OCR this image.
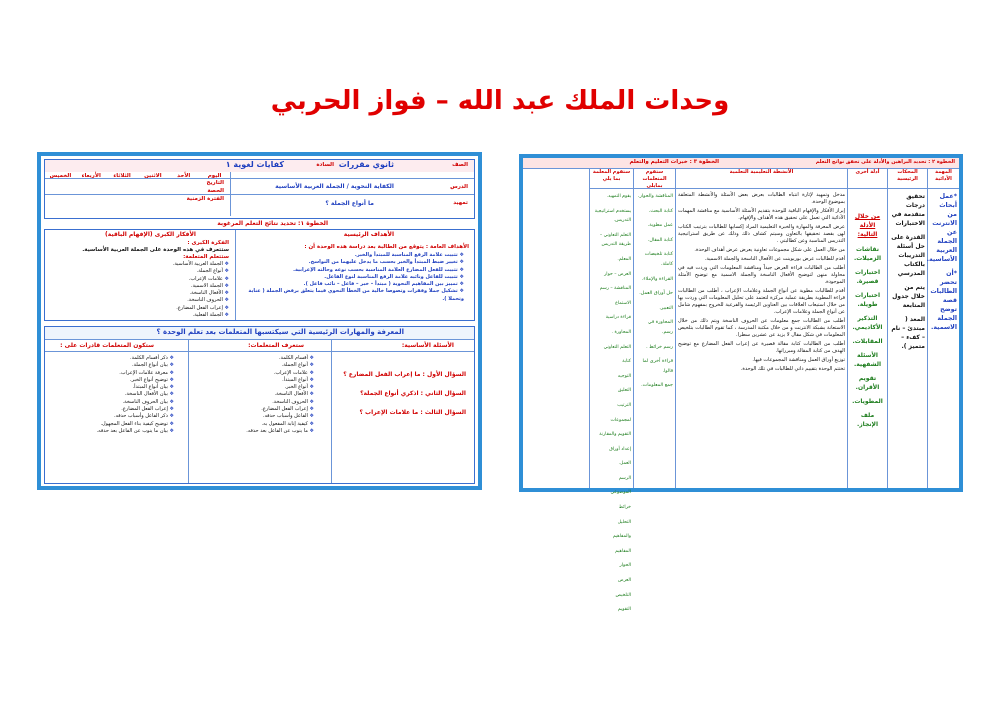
وحدات الملك عبد الله – فواز الحربي
الصف
ثانوي مقررات
السادة
كفايات لغوية ١
اليوم
الأحد
الاثنين
الثلاثاء
الأربعاء
الخميس
الدرس
الكفاية النحوية / الجملة العربية الأساسية
تمهيد
ما أنواع الجملة ؟
التاريخ
الحصة
الفترة الزمنية
الخطوة ١: تحديد نتائج التعلم المرغوبة
الأهداف الرئيسية
الأفكار الكبرى (الإفهام الباقية)
الأهداف العامة : يتوقع من الطالبة بعد دراسة هذه الوحدة أن :
❖ تثبيت علامة الرفع المناسبة للمبتدأ والخبر.
❖ تغيير ضبط المبتدأ والخبر بحسب ما يدخل عليهما من النواسخ.
❖ تثبيت للفعل المضارع العلامة المناسبة بحسب نوعه وحالته الإعرابية.
❖ تثبيت للفاعل ونائبه علامة الرفع المناسبة لنوع الفاعل.
❖ تمييز بين المفاهيم النحوية ( مبتدأ – خبر – فاعل – نائب فاعل ).
❖ تشكيل جملا وفقرات وتصوصا خالية من الخطأ النحوي فيما يتعلق برفض الجملة ( عناية وتحملا ).
الفكرة الكبرى :
ستتعرف في هذه الوحدة على الجملة العربية الأساسية.
ستتعلم المتعلمة:
❖ الجملة العربية الأساسية.
❖ أنواع الجملة.
❖ علامات الإعراب.
❖ الجملة الاسمية.
❖ الأفعال الناسخة.
❖ الحروف الناسخة.
❖ إعراب الفعل المضارع.
❖ الجملة الفعلية.
المعرفة والمهارات الرئيسية التي سيكتسبها المتعلمات بعد تعلم الوحدة ؟
الأسئلة الأساسية:
ستعرف المتعلمات:
ستكون المتعلمات قادرات على :
السؤال الأول : ما إعراب الفعل المضارع ؟
السؤال الثاني : اذكري أنواع الجملة؟
السؤال الثالث : ما علامات الإعراب ؟
❖ أقسام الكلمة.
❖ أنواع الجملة.
❖ علامات الإعراب.
❖ أنواع المبتدأ.
❖ أنواع الخبر.
❖ الأفعال الناسخة.
❖ الحروف الناسخة.
❖ إعراب الفعل المضارع.
❖ الفاعل وأسباب حذفه.
❖ كيفية إنابة المفعول به.
❖ ما ينوب عن الفاعل بعد حذفه.
❖ ذكر أقسام الكلمة.
❖ بيان أنواع الجملة.
❖ معرفة علامات الإعراب.
❖ توضيح أنواع الخبر.
❖ بيان أنواع المبتدأ.
❖ بيان الأفعال الناسخة.
❖ بيان الحروف الناسخة.
❖ إعراب الفعل المضارع.
❖ ذكر الفاعل وأسباب حذفه.
❖ توضيح كيفية بناء الفعل المجهول.
❖ بيان ما ينوب عن الفاعل بعد حذفه.
الخطوة ٢ : تحديد البراهين والأدلة على تحقق نواتج التعلم
الخطوة ٣ : خبرات التعليم والتعلم
المهمة الأدائية
*عمل أبحاث من الانترنت عن الجملة العربية الأساسية.
*أن تحضر الطالبات قصة توضح الجملة الاسمية.
المحكات الرئيسية
تحقيق درجات متقدمة في الاختبارات
القدرة على حل أسئلة التدريبات بالكتاب المدرسي
يتم من خلال جدول المتابعة
المعد ( مبتدئ – نام – كفء – متميز ).
أدلة أخرى
من خلال الأدلة التالية:
نقاشات الزميلات.
اختبارات قصيرة.
اختبارات طويلة.
التذكير الأكاديمي.
المقابلات.
الأسئلة الشفهية.
تقويم الأقران.
المطويات.
ملف الإنجاز.
الأنشطة التعليمية التعلمية
مدخل وتمهيد لإثارة انتباه الطالبات بعرض بعض الأسئلة والأنشطة المتعلقة بموضوع الوحدة.
إبراز الأفكار والإفهام الباقية للوحدة بتقديم الأسئلة الأساسية مع مناقشة المهمات الأدائية التي تعمل على تحقيق هذه الأهداف والإفهام.
عرض المعرفة والمهارة والخبرة التعليمية المراد إكسابها للطالبات بترتيب الكتاب لهن بقصد تحقيقها بالتعاون وسيتم كشاف ذلك وذلك عن طريق استراتيجية التدريس المناسبة وعن كطالبتي .
من خلال العمل على شكل مجموعات تعاونية يعرض عرض أهداف الوحدة.
أقدم للطالبات عرض بوربوينت عن الأفعال الناسخة والجملة الاسمية.
أطلب من الطالبات قراءة العرض جيداً ومناقشة المعلومات التي وردت فيه في محاولة منهن لتوضيح الأفعال الناسخة والجملة الاسمية مع توضيح الأمثلة الموجودة.
أقدم للطالبات مطوية عن أنواع الجملة وعلامات الإعراب ، أطلب من الطالبات قراءة المطوية بطريقة عملية مركزة لتعتمد على تحليل المعلومات التي وردت بها من خلال استيعاب العلاقات بين العناوين الرئيسة والفرعية للخروج بمفهوم شامل عن أنواع الجملة وعلامات الإعراب.
أطلب من الطالبات جمع معلومات عن الحروف الناسخة ويتم ذلك من خلال الاستعانة بشبكة الانترنت و من خلال مكتبة المدرسة ، كما تقوم الطالبات بتلخيص المعلومات في شكل مقال لا يزيد عن عشرين سطرا.
أطلب من الطالبات كتابة مقالة قصيرة عن إعراب الفعل المضارع مع توضيح الهدف من كتابة المقالة ومبرراتها.
توزيع أوراق العمل ومناقشة المجموعات فيها.
تختتم الوحدة بتقييم ذاتي للطالبات في تلك الوحدة.
ستقوم المتعلمات بمايلي
المناقشة والحوار.
كتابة البحث.
عمل مطوية.
كتابة المقال.
كتابة تلخيصات كاملة.
القراءة والإملاء.
حل أوراق العمل.
التعبير.
المحاورة في رسم.
رسم خرائط .
قراءة أخرى لما قالوا.
جمع المعلومات.
ستقوم المعلمة بما يلي
يقوم التمهيد.
يستخدم استراتيجية التدريس.
التعلم التعاوني – طريقة التدريس
المعلم.
العرض – حوار
المناقشة – رسم
الاستماع
قراءة دراسية
المحاورة .
التعلم التعاوني
كتابة
التوجيه
التعليق
الترتيب
لمجموعات
التقويم والمقارنة
إعداد أوراق
العمل.
الرسم
الموضوعي
خرائط
التحليل
والمفاهيم
المفاهيم
الحوار
العرض
التلخيص
التقويم
